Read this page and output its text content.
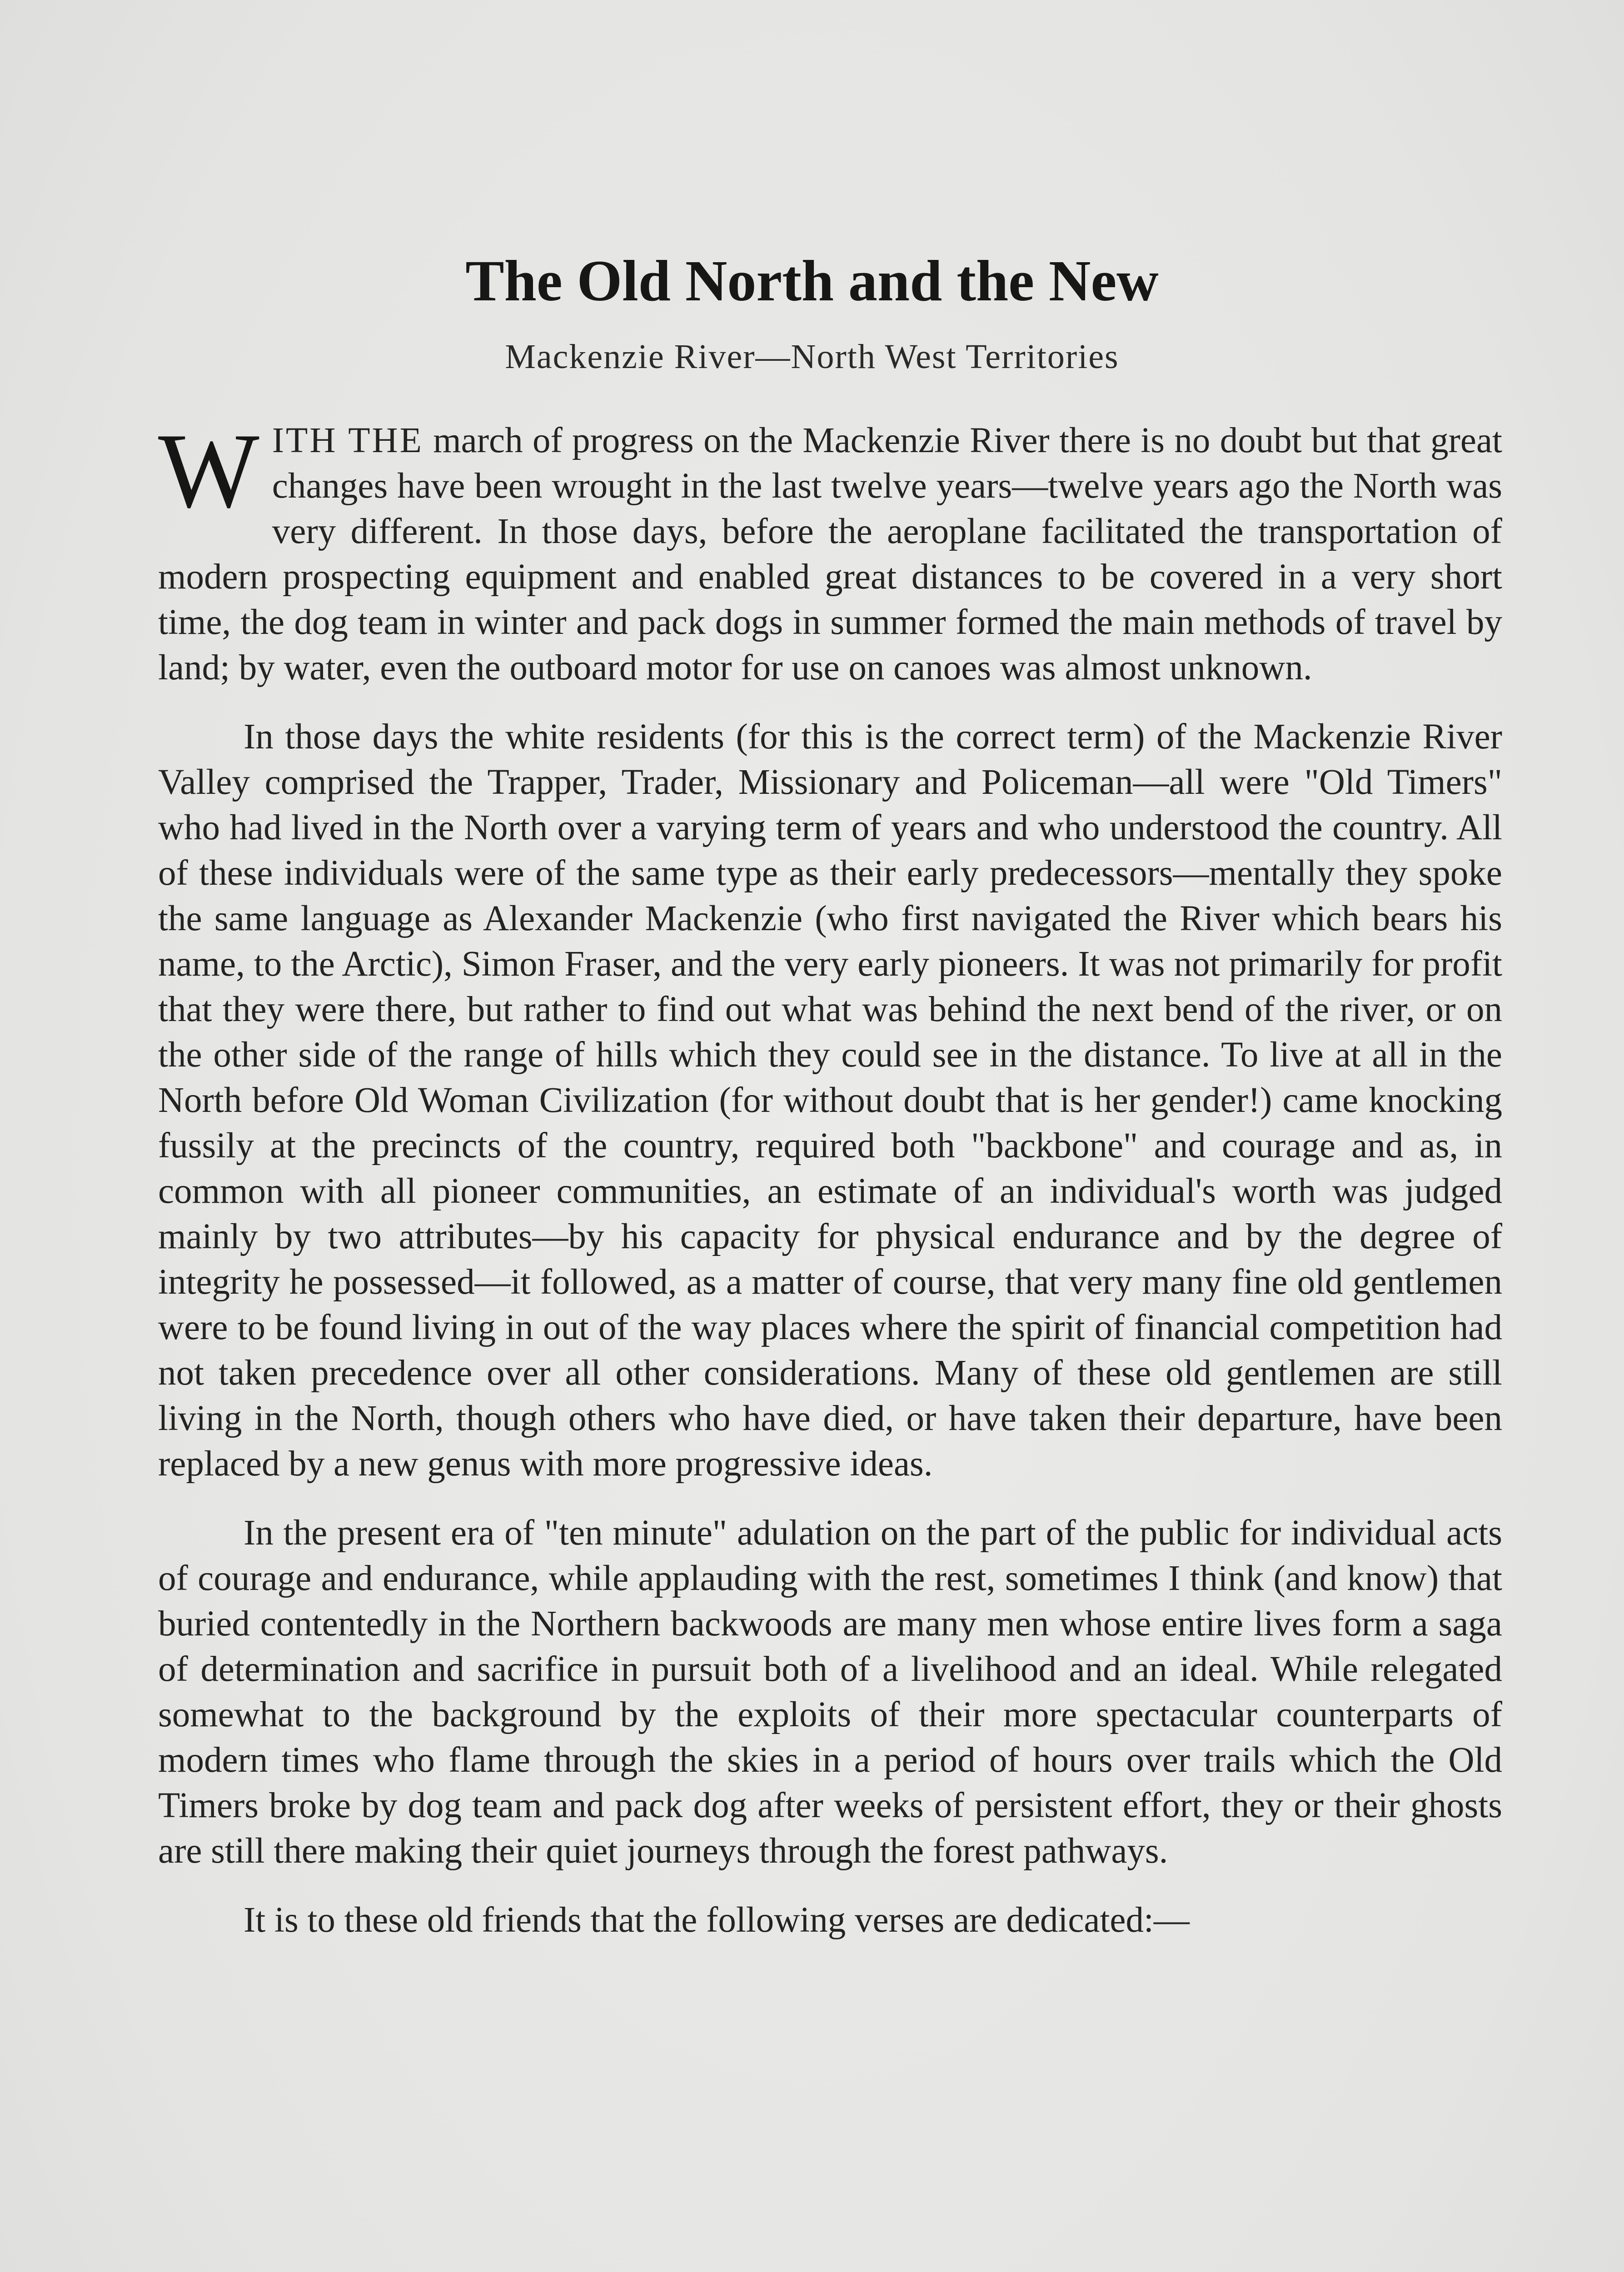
The Old North and the New

Mackenzie River—North West Territories

WITH THE march of progress on the Mackenzie River there is no doubt but that great changes have been wrought in the last twelve years—twelve years ago the North was very different. In those days, before the aeroplane facilitated the transportation of modern prospecting equipment and enabled great distances to be covered in a very short time, the dog team in winter and pack dogs in summer formed the main methods of travel by land; by water, even the outboard motor for use on canoes was almost unknown.

In those days the white residents (for this is the correct term) of the Mackenzie River Valley comprised the Trapper, Trader, Missionary and Policeman—all were "Old Timers" who had lived in the North over a varying term of years and who understood the country. All of these individuals were of the same type as their early predecessors—mentally they spoke the same language as Alexander Mackenzie (who first navigated the River which bears his name, to the Arctic), Simon Fraser, and the very early pioneers. It was not primarily for profit that they were there, but rather to find out what was behind the next bend of the river, or on the other side of the range of hills which they could see in the distance. To live at all in the North before Old Woman Civilization (for without doubt that is her gender!) came knocking fussily at the precincts of the country, required both "backbone" and courage and as, in common with all pioneer communities, an estimate of an individual's worth was judged mainly by two attributes—by his capacity for physical endurance and by the degree of integrity he possessed—it followed, as a matter of course, that very many fine old gentlemen were to be found living in out of the way places where the spirit of financial competition had not taken precedence over all other considerations. Many of these old gentlemen are still living in the North, though others who have died, or have taken their departure, have been replaced by a new genus with more progressive ideas.

In the present era of "ten minute" adulation on the part of the public for individual acts of courage and endurance, while applauding with the rest, sometimes I think (and know) that buried contentedly in the Northern backwoods are many men whose entire lives form a saga of determination and sacrifice in pursuit both of a livelihood and an ideal. While relegated somewhat to the background by the exploits of their more spectacular counterparts of modern times who flame through the skies in a period of hours over trails which the Old Timers broke by dog team and pack dog after weeks of persistent effort, they or their ghosts are still there making their quiet journeys through the forest pathways.

It is to these old friends that the following verses are dedicated:—
